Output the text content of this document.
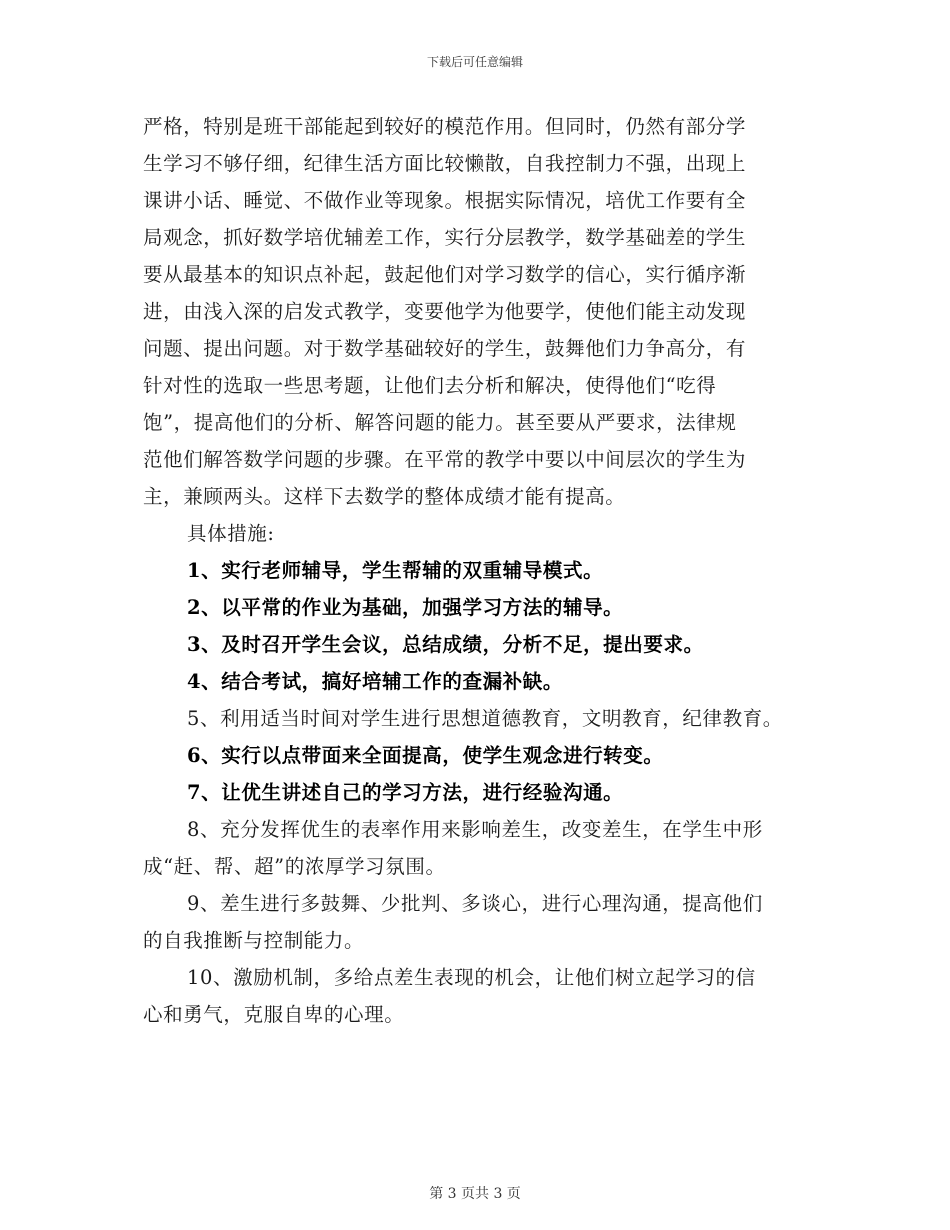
下载后可任意编辑
严格，特别是班干部能起到较好的模范作用。但同时，仍然有部分学
生学习不够仔细，纪律生活方面比较懒散，自我控制力不强，出现上
课讲小话、睡觉、不做作业等现象。根据实际情况，培优工作要有全
局观念，抓好数学培优辅差工作，实行分层教学，数学基础差的学生
要从最基本的知识点补起，鼓起他们对学习数学的信心，实行循序渐
进，由浅入深的启发式教学，变要他学为他要学，使他们能主动发现
问题、提出问题。对于数学基础较好的学生，鼓舞他们力争高分，有
针对性的选取一些思考题，让他们去分析和解决，使得他们“吃得
饱”，提高他们的分析、解答问题的能力。甚至要从严要求，法律规
范他们解答数学问题的步骤。在平常的教学中要以中间层次的学生为
主，兼顾两头。这样下去数学的整体成绩才能有提高。
具体措施:
1、实行老师辅导，学生帮辅的双重辅导模式。
2、以平常的作业为基础，加强学习方法的辅导。
3、及时召开学生会议，总结成绩，分析不足，提出要求。
4、结合考试，搞好培辅工作的查漏补缺。
5、利用适当时间对学生进行思想道德教育，文明教育，纪律教育。
6、实行以点带面来全面提高，使学生观念进行转变。
7、让优生讲述自己的学习方法，进行经验沟通。
8、充分发挥优生的表率作用来影响差生，改变差生，在学生中形
成“赶、帮、超”的浓厚学习氛围。
9、差生进行多鼓舞、少批判、多谈心，进行心理沟通，提高他们
的自我推断与控制能力。
10、激励机制，多给点差生表现的机会，让他们树立起学习的信
心和勇气，克服自卑的心理。
第 3 页共 3 页
